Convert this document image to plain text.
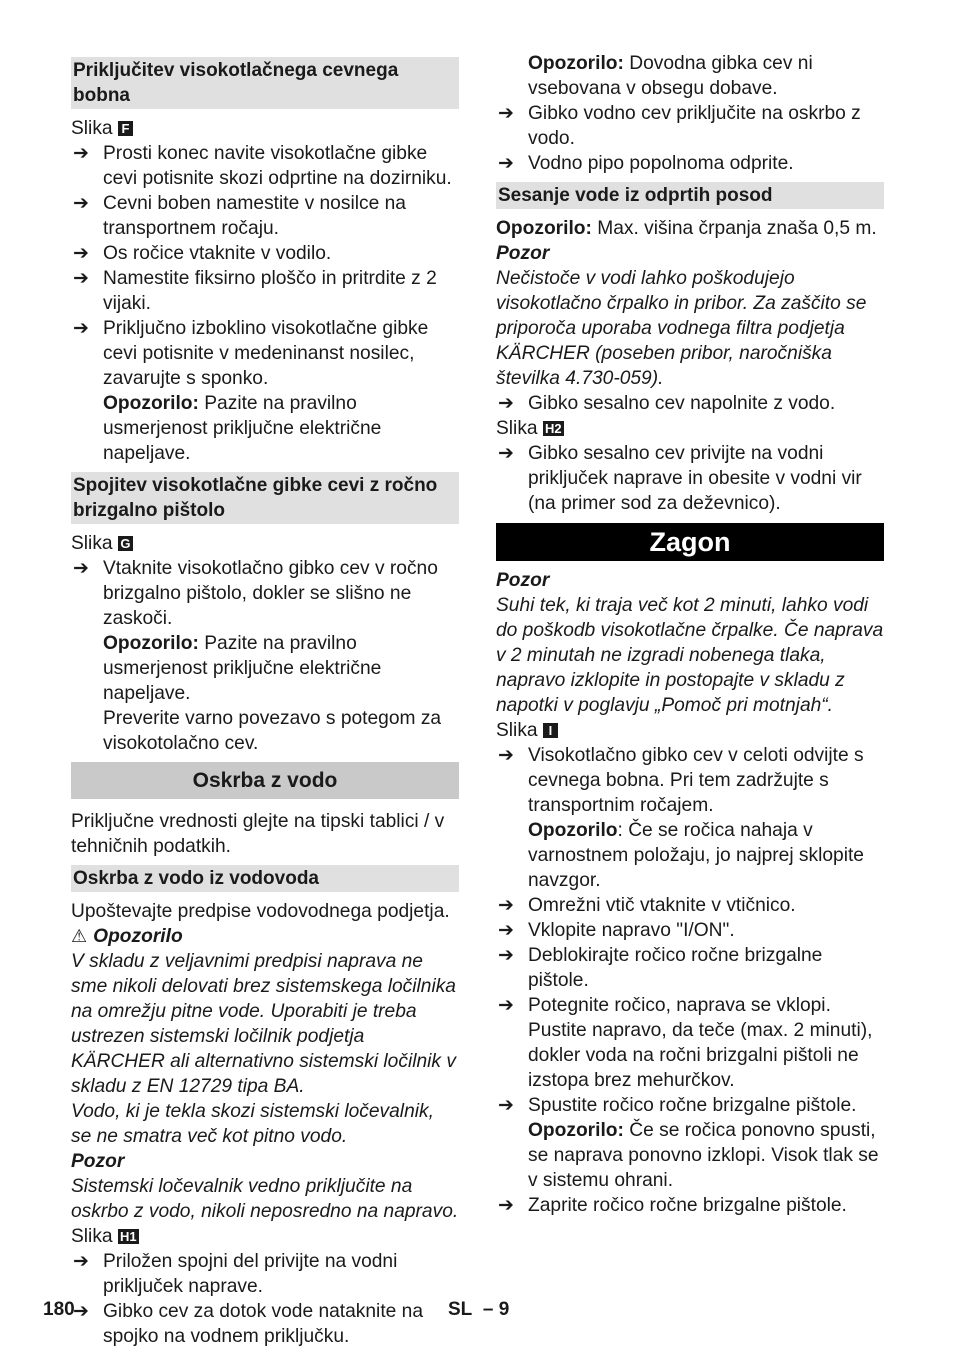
Priključitev visokotlačnega cevnega bobna

Slika F

➔ Prosti konec navite visokotlačne gibke cevi potisnite skozi odprtine na dozirniku.
➔ Cevni boben namestite v nosilce na transportnem ročaju.
➔ Os ročice vtaknite v vodilo.
➔ Namestite fiksirno ploščo in pritrdite z 2 vijaki.
➔ Priključno izboklino visokotlačne gibke cevi potisnite v medeninanst nosilec, zavarujte s sponko.

Opozorilo: Pazite na pravilno usmerjenost priključne električne napeljave.

Spojitev visokotlačne gibke cevi z ročno brizgalno pištolo

Slika G

➔ Vtaknite visokotlačno gibko cev v ročno brizgalno pištolo, dokler se slišno ne zaskoči.

Opozorilo: Pazite na pravilno usmerjenost priključne električne napeljave.

Preverite varno povezavo s potegom za visokotolačno cev.

Oskrba z vodo

Priključne vrednosti glejte na tipski tablici / v tehničnih podatkih.

Oskrba z vodo iz vodovoda

Upoštevajte predpise vodovodnega podjetja.

⚠ Opozorilo

V skladu z veljavnimi predpisi naprava ne sme nikoli delovati brez sistemskega ločilnika na omrežju pitne vode. Uporabiti je treba ustrezen sistemski ločilnik podjetja KÄRCHER ali alternativno sistemski ločilnik v skladu z EN 12729 tipa BA.

Vodo, ki je tekla skozi sistemski ločevalnik, se ne smatra več kot pitno vodo.

Pozor

Sistemski ločevalnik vedno priključite na oskrbo z vodo, nikoli neposredno na napravo.

Slika H1

➔ Priložen spojni del privijte na vodni priključek naprave.
➔ Gibko cev za dotok vode nataknite na spojko na vodnem priključku.

Opozorilo: Dovodna gibka cev ni vsebovana v obsegu dobave.

➔ Gibko vodno cev priključite na oskrbo z vodo.
➔ Vodno pipo popolnoma odprite.
Sesanje vode iz odprtih posod

Opozorilo: Max. višina črpanja znaša 0,5 m.

Pozor

Nečistoče v vodi lahko poškodujejo visokotlačno črpalko in pribor. Za zaščito se priporoča uporaba vodnega filtra podjetja KÄRCHER (poseben pribor, naročniška številka 4.730-059).

➔ Gibko sesalno cev napolnite z vodo.

Slika H2

➔ Gibko sesalno cev privijte na vodni priključek naprave in obesite v vodni vir (na primer sod za deževnico).
Zagon

Pozor

Suhi tek, ki traja več kot 2 minuti, lahko vodi do poškodb visokotlačne črpalke. Če naprava v 2 minutah ne izgradi nobenega tlaka, napravo izklopite in postopajte v skladu z napotki v poglavju „Pomoč pri motnjah“.

Slika I

➔ Visokotlačno gibko cev v celoti odvijte s cevnega bobna. Pri tem zadržujte s transportnim ročajem.
Opozorilo: Če se ročica nahaja v varnostnem položaju, jo najprej sklopite navzgor.
➔ Omrežni vtič vtaknite v vtičnico.
➔ Vklopite napravo "I/ON".
➔ Deblokirajte ročico ročne brizgalne pištole.
➔ Potegnite ročico, naprava se vklopi.
Pustite napravo, da teče (max. 2 minuti), dokler voda na ročni brizgalni pištoli ne izstopa brez mehurčkov.
➔ Spustite ročico ročne brizgalne pištole.
Opozorilo: Če se ročica ponovno spusti, se naprava ponovno izklopi. Visok tlak se v sistemu ohrani.
➔ Zaprite ročico ročne brizgalne pištole.
180	SL – 9
